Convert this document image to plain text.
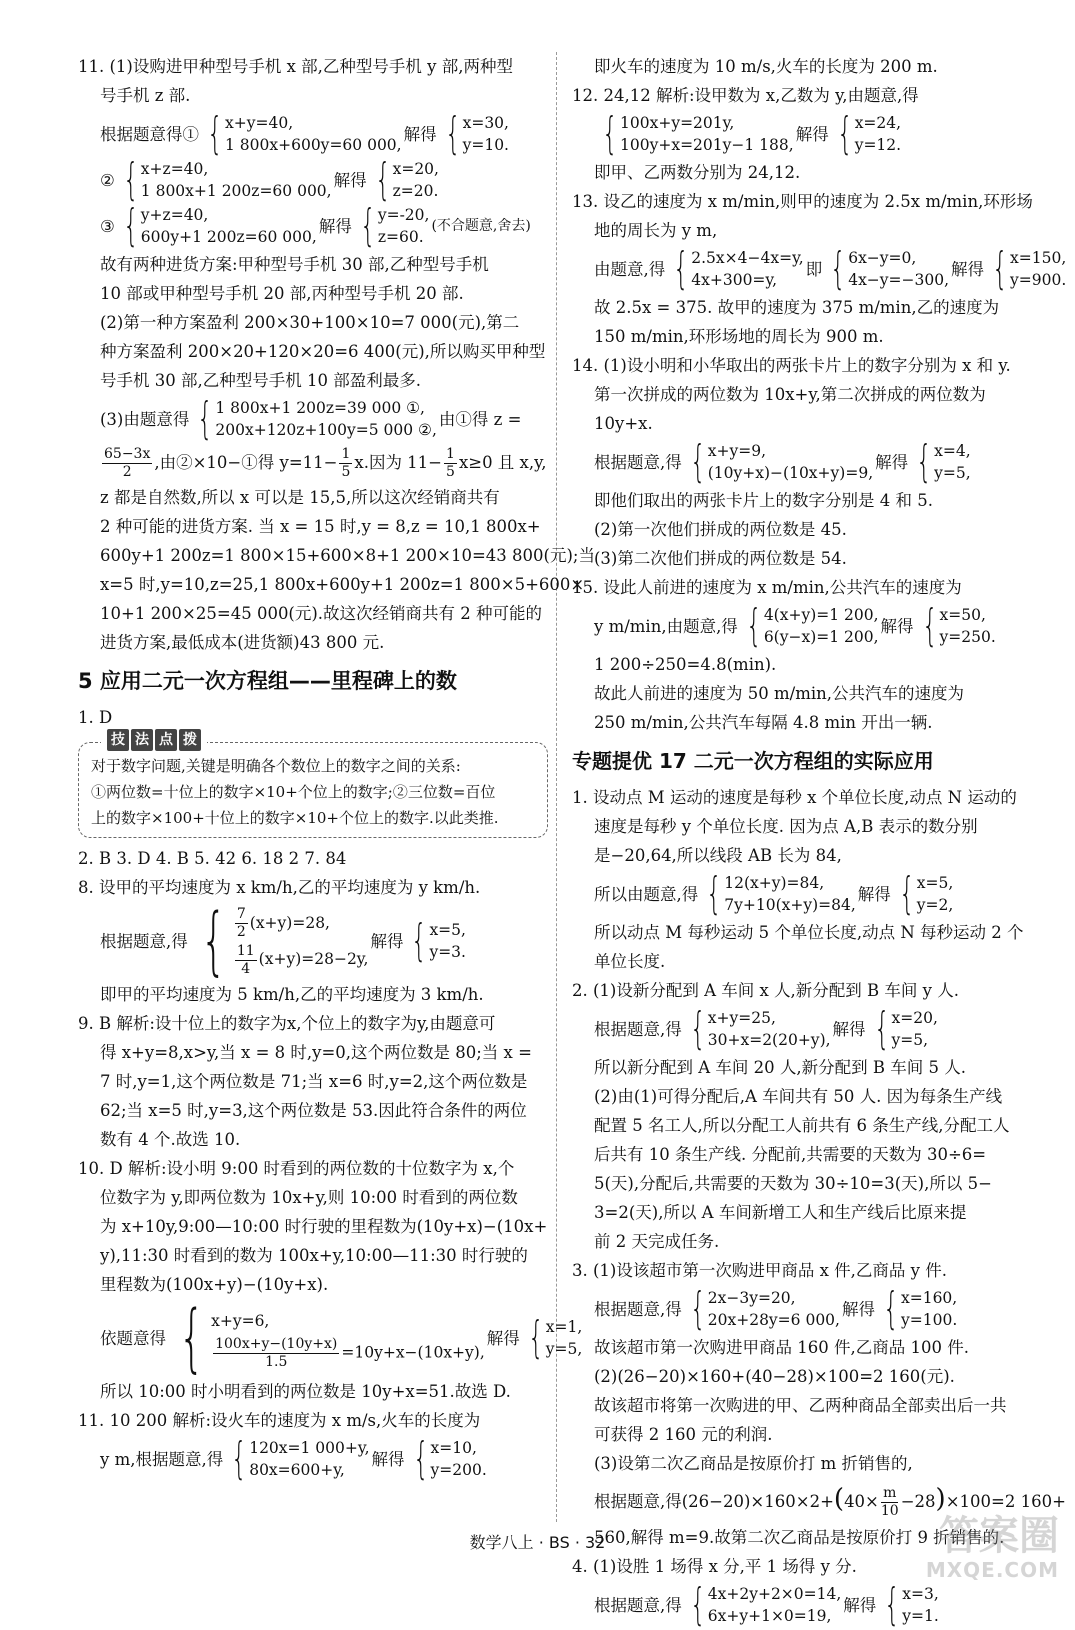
11. (1)设购进甲种型号手机 x 部,乙种型号手机 y 部,两种型
号手机 z 部.
根据题意得① { x+y=40,
1 800x+600y=60 000,
解得 { x=30,
y=10.
② { x+z=40,
1 800x+1 200z=60 000,
解得 { x=20,
z=20.
③ { y+z=40,
600y+1 200z=60 000,
解得 { y=-20,
z=60.
(不合题意,舍去)
故有两种进货方案:甲种型号手机 30 部,乙种型号手机
10 部或甲种型号手机 20 部,丙种型号手机 20 部.
(2)第一种方案盈利 200×30+100×10=7 000(元),第二
种方案盈利 200×20+120×20=6 400(元),所以购买甲种型
号手机 30 部,乙种型号手机 10 部盈利最多.
(3)由题意得 { 1 800x+1 200z=39 000 ①,
200x+120z+100y=5 000 ②,
由①得 z =
$\frac{65-3x}{2}$ ,由②×10−①得 $y=11- \frac{1}{5} x$.因为 $11- \frac{1}{5} x\ge 0$ 且 x,y,
z 都是自然数,所以 x 可以是 15,5,所以这次经销商共有
2 种可能的进货方案. 当 x = 15 时,y = 8,z = 10,1 800x+
600y+1 200z=1 800×15+600×8+1 200×10=43 800(元);当
x=5 时,y=10,z=25,1 800x+600y+1 200z=1 800×5+600×
10+1 200×25=45 000(元).故这次经销商共有 2 种可能的
进货方案,最低成本(进货额)43 800 元.
5 应用二元一次方程组——里程碑上的数
1. D
技 法 点 拨
对于数字问题,关键是明确各个数位上的数字之间的关系:
①两位数=十位上的数字×10+个位上的数字;②三位数=百位
上的数字×100+十位上的数字×10+个位上的数字.以此类推.
2. B 3. D 4. B 5. 42 6. 18 2 7. 84
8. 设甲的平均速度为 x km/h,乙的平均速度为 y km/h.
根据题意,得 { $\frac{7}{2} (x+y)=28$,
$\frac{11}{4} (x+y)=28-2y$,
解得 { x=5,
y=3.
即甲的平均速度为 5 km/h,乙的平均速度为 3 km/h.
9. B 解析:设十位上的数字为x,个位上的数字为y,由题意可
得 x+y=8,x>y,当 x = 8 时,y=0,这个两位数是 80;当 x =
7 时,y=1,这个两位数是 71;当 x=6 时,y=2,这个两位数是
62;当 x=5 时,y=3,这个两位数是 53.因此符合条件的两位
数有 4 个.故选 10.
10. D 解析:设小明 9:00 时看到的两位数的十位数字为 x,个
位数字为 y,即两位数为 10x+y,则 10:00 时看到的两位数
为 x+10y,9:00—10:00 时行驶的里程数为(10y+x)−(10x+
y),11:30 时看到的数为 100x+y,10:00—11:30 时行驶的
里程数为(100x+y)−(10y+x).
依题意得 { x+y=6,
$\frac{100x+y-(10y+x)}{1.5} =10y+x-(10x+y)$,
解得 { x=1,
y=5,
所以 10:00 时小明看到的两位数是 10y+x=51.故选 D.
11. 10 200 解析:设火车的速度为 x m/s,火车的长度为
y m,根据题意,得 { 120x=1 000+y,
80x=600+y,
解得 { x=10,
y=200.
即火车的速度为 10 m/s,火车的长度为 200 m.
12. 24,12 解析:设甲数为 x,乙数为 y,由题意,得
{ 100x+y=201y,
100y+x=201y−1 188,
解得 { x=24,
y=12.
即甲、乙两数分别为 24,12.
13. 设乙的速度为 x m/min,则甲的速度为 2.5x m/min,环形场
地的周长为 y m,
由题意,得 { 2.5x×4−4x=y,
4x+300=y,
即 { 6x−y=0,
4x−y=−300,
解得 { x=150,
y=900.
故 2.5x = 375. 故甲的速度为 375 m/min,乙的速度为
150 m/min,环形场地的周长为 900 m.
14. (1)设小明和小华取出的两张卡片上的数字分别为 x 和 y.
第一次拼成的两位数为 10x+y,第二次拼成的两位数为
10y+x.
根据题意,得 { x+y=9,
(10y+x)−(10x+y)=9,
解得 { x=4,
y=5,
即他们取出的两张卡片上的数字分别是 4 和 5.
(2)第一次他们拼成的两位数是 45.
(3)第二次他们拼成的两位数是 54.
15. 设此人前进的速度为 x m/min,公共汽车的速度为
y m/min,由题意,得 { 4(x+y)=1 200,
6(y−x)=1 200,
解得 { x=50,
y=250.
1 200÷250=4.8(min).
故此人前进的速度为 50 m/min,公共汽车的速度为
250 m/min,公共汽车每隔 4.8 min 开出一辆.
专题提优 17 二元一次方程组的实际应用
1. 设动点 M 运动的速度是每秒 x 个单位长度,动点 N 运动的
速度是每秒 y 个单位长度. 因为点 A,B 表示的数分别
是−20,64,所以线段 AB 长为 84,
所以由题意,得 { 12(x+y)=84,
7y+10(x+y)=84,
解得 { x=5,
y=2,
所以动点 M 每秒运动 5 个单位长度,动点 N 每秒运动 2 个
单位长度.
2. (1)设新分配到 A 车间 x 人,新分配到 B 车间 y 人.
根据题意,得 { x+y=25,
30+x=2(20+y),
解得 { x=20,
y=5,
所以新分配到 A 车间 20 人,新分配到 B 车间 5 人.
(2)由(1)可得分配后,A 车间共有 50 人. 因为每条生产线
配置 5 名工人,所以分配工人前共有 6 条生产线,分配工人
后共有 10 条生产线. 分配前,共需要的天数为 30÷6=
5(天),分配后,共需要的天数为 30÷10=3(天),所以 5−
3=2(天),所以 A 车间新增工人和生产线后比原来提
前 2 天完成任务.
3. (1)设该超市第一次购进甲商品 x 件,乙商品 y 件.
根据题意,得 { 2x−3y=20,
20x+28y=6 000,
解得 { x=160,
y=100.
故该超市第一次购进甲商品 160 件,乙商品 100 件.
(2)(26−20)×160+(40−28)×100=2 160(元).
故该超市将第一次购进的甲、乙两种商品全部卖出后一共
可获得 2 160 元的利润.
(3)设第二次乙商品是按原价打 m 折销售的,
根据题意,得$(26-20)\times 160\times 2+(40\times \frac{m}{10} -28)\times 100=2$ 160+
560,解得 m=9.故第二次乙商品是按原价打 9 折销售的.
4. (1)设胜 1 场得 x 分,平 1 场得 y 分.
根据题意,得 { 4x+2y+2×0=14,
6x+y+1×0=19,
解得 { x=3,
y=1.
数学八上 · BS · 32	答案圈
MXQE.COM
